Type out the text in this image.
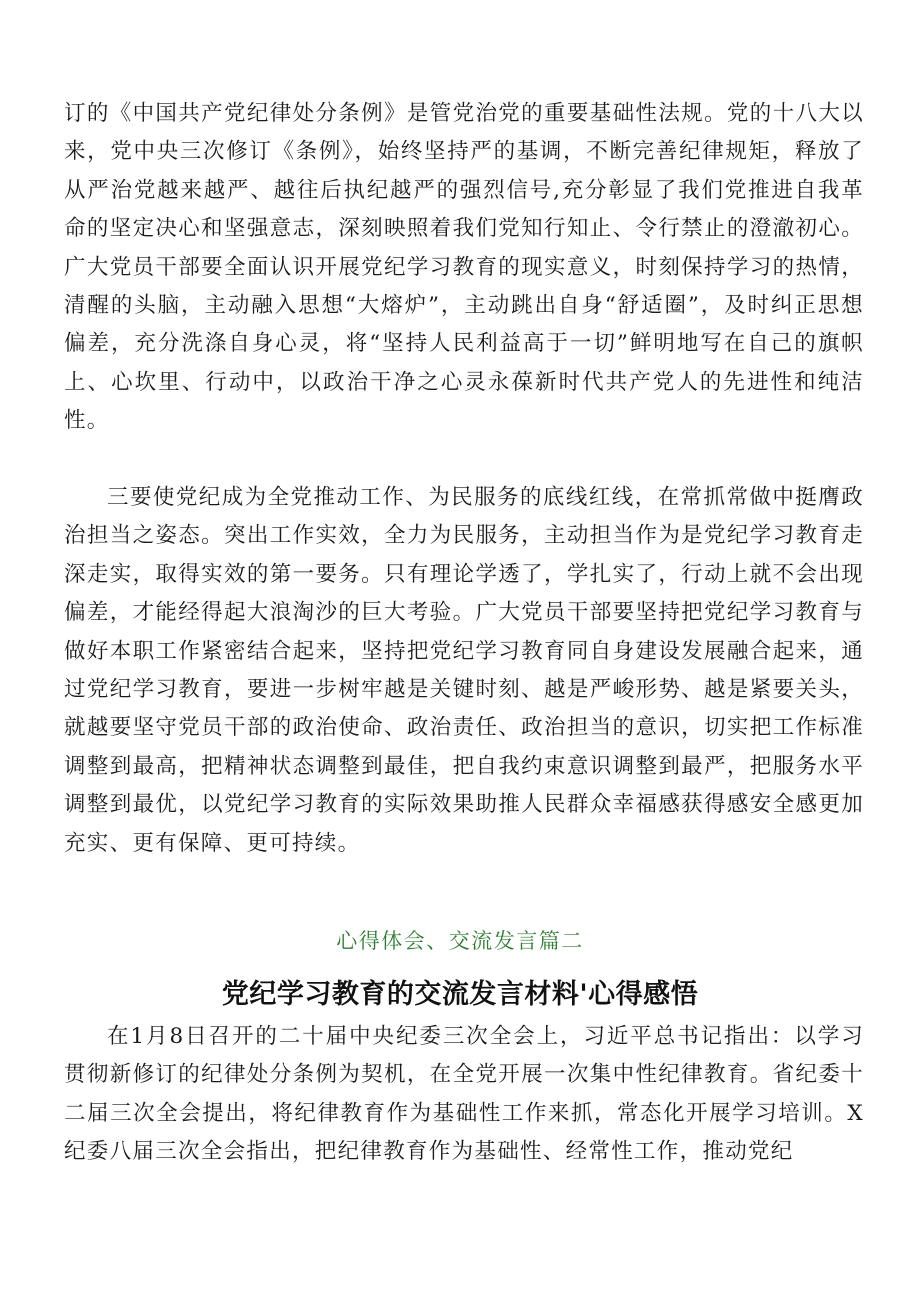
订的《中国共产党纪律处分条例》是管党治党的重要基础性法规。党的十八大以来，党中央三次修订《条例》，始终坚持严的基调，不断完善纪律规矩，释放了从严治党越来越严、越往后执纪越严的强烈信号,充分彰显了我们党推进自我革命的坚定决心和坚强意志，深刻映照着我们党知行知止、令行禁止的澄澈初心。广大党员干部要全面认识开展党纪学习教育的现实意义，时刻保持学习的热情，清醒的头脑，主动融入思想“大熔炉”，主动跳出自身“舒适圈”，及时纠正思想偏差，充分洗涤自身心灵，将“坚持人民利益高于一切”鲜明地写在自己的旗帜上、心坎里、行动中，以政治干净之心灵永葆新时代共产党人的先进性和纯洁性。

三要使党纪成为全党推动工作、为民服务的底线红线，在常抓常做中挺膺政治担当之姿态。突出工作实效，全力为民服务，主动担当作为是党纪学习教育走深走实，取得实效的第一要务。只有理论学透了，学扎实了，行动上就不会出现偏差，才能经得起大浪淘沙的巨大考验。广大党员干部要坚持把党纪学习教育与做好本职工作紧密结合起来，坚持把党纪学习教育同自身建设发展融合起来，通过党纪学习教育，要进一步树牢越是关键时刻、越是严峻形势、越是紧要关头，就越要坚守党员干部的政治使命、政治责任、政治担当的意识，切实把工作标准调整到最高，把精神状态调整到最佳，把自我约束意识调整到最严，把服务水平调整到最优，以党纪学习教育的实际效果助推人民群众幸福感获得感安全感更加充实、更有保障、更可持续。

心得体会、交流发言篇二
党纪学习教育的交流发言材料'心得感悟

在1月8日召开的二十届中央纪委三次全会上，习近平总书记指出：以学习贯彻新修订的纪律处分条例为契机，在全党开展一次集中性纪律教育。省纪委十二届三次全会提出，将纪律教育作为基础性工作来抓，常态化开展学习培训。X纪委八届三次全会指出，把纪律教育作为基础性、经常性工作，推动党纪
